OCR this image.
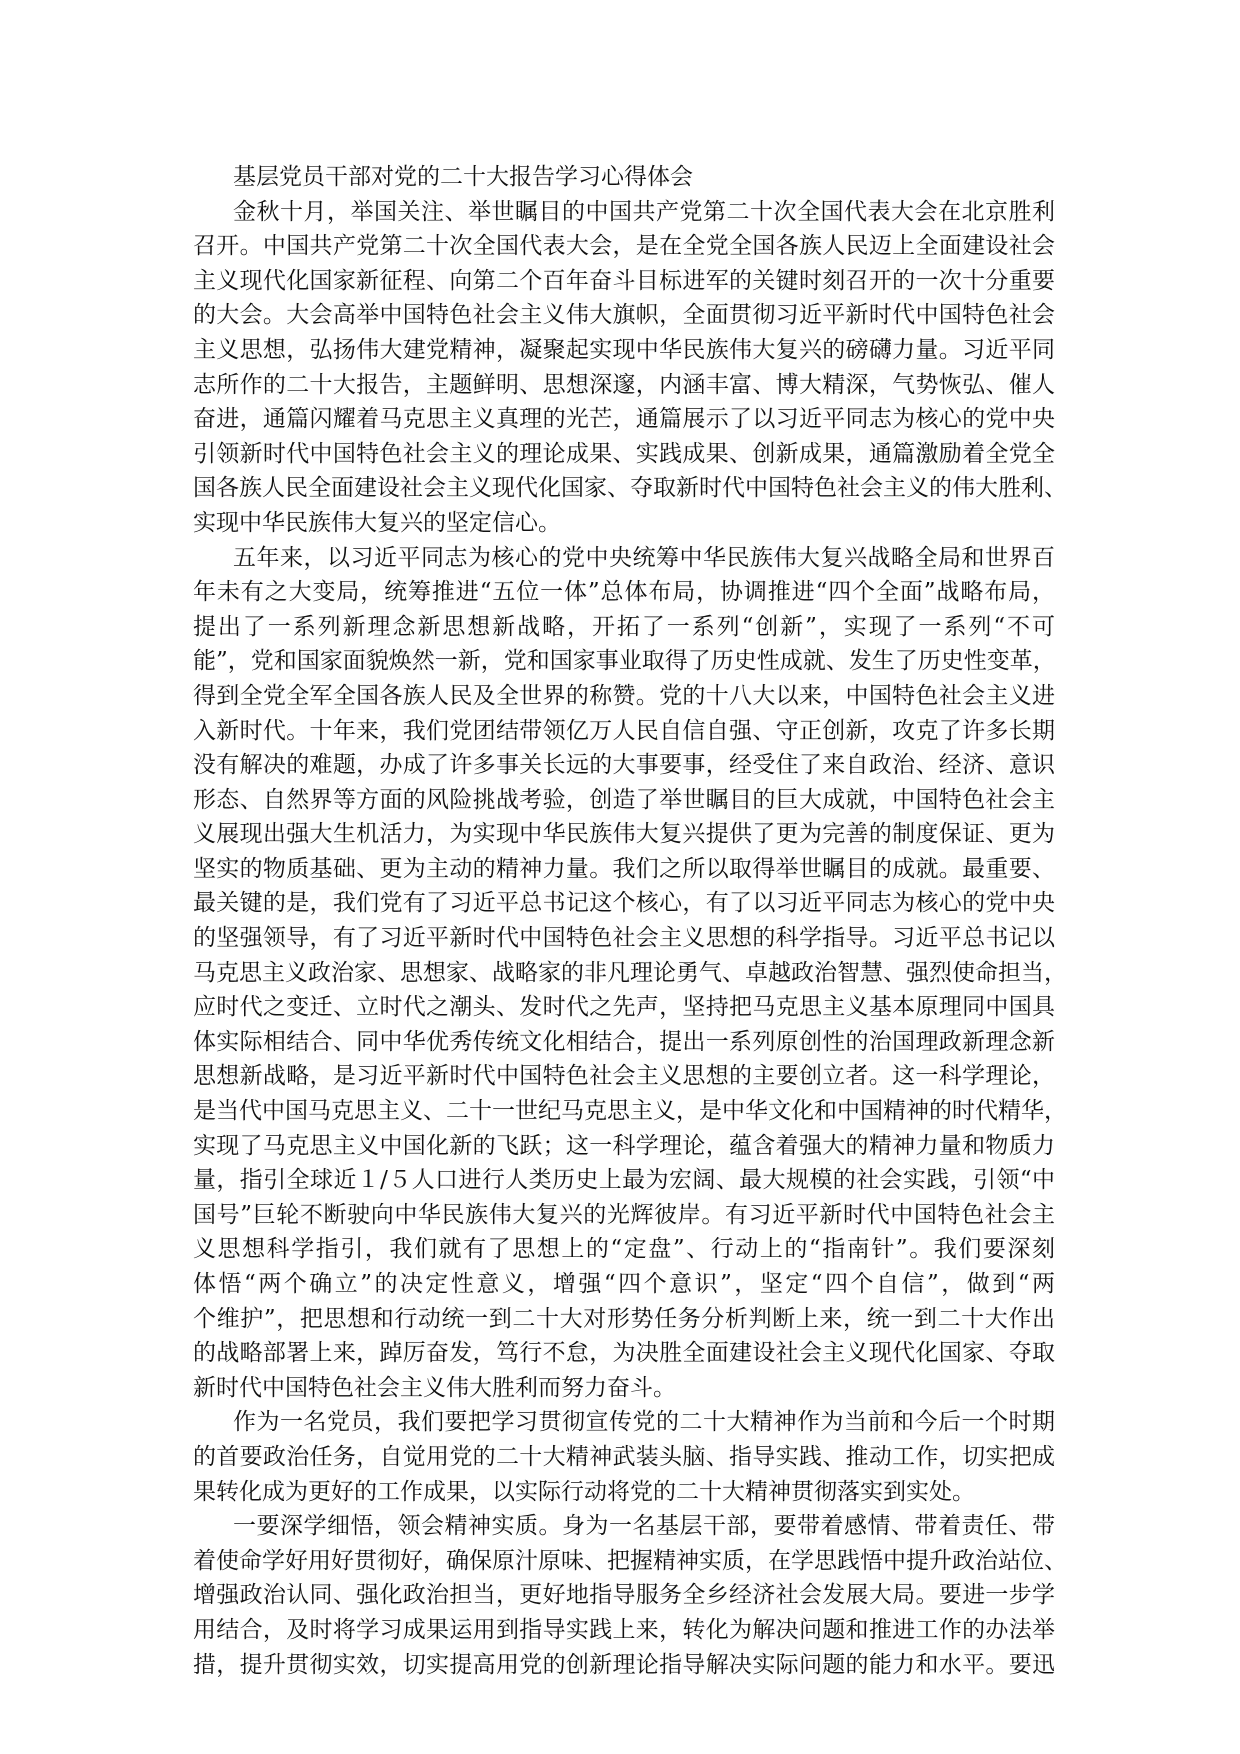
基层党员干部对党的二十大报告学习心得体会
金秋十月，举国关注、举世瞩目的中国共产党第二十次全国代表大会在北京胜利
召开。中国共产党第二十次全国代表大会，是在全党全国各族人民迈上全面建设社会
主义现代化国家新征程、向第二个百年奋斗目标进军的关键时刻召开的一次十分重要
的大会。大会高举中国特色社会主义伟大旗帜，全面贯彻习近平新时代中国特色社会
主义思想，弘扬伟大建党精神，凝聚起实现中华民族伟大复兴的磅礴力量。习近平同
志所作的二十大报告，主题鲜明、思想深邃，内涵丰富、博大精深，气势恢弘、催人
奋进，通篇闪耀着马克思主义真理的光芒，通篇展示了以习近平同志为核心的党中央
引领新时代中国特色社会主义的理论成果、实践成果、创新成果，通篇激励着全党全
国各族人民全面建设社会主义现代化国家、夺取新时代中国特色社会主义的伟大胜利、
实现中华民族伟大复兴的坚定信心。
五年来，以习近平同志为核心的党中央统筹中华民族伟大复兴战略全局和世界百
年未有之大变局，统筹推进“五位一体”总体布局，协调推进“四个全面”战略布局，
提出了一系列新理念新思想新战略，开拓了一系列“创新”，实现了一系列“不可
能”，党和国家面貌焕然一新，党和国家事业取得了历史性成就、发生了历史性变革，
得到全党全军全国各族人民及全世界的称赞。党的十八大以来，中国特色社会主义进
入新时代。十年来，我们党团结带领亿万人民自信自强、守正创新，攻克了许多长期
没有解决的难题，办成了许多事关长远的大事要事，经受住了来自政治、经济、意识
形态、自然界等方面的风险挑战考验，创造了举世瞩目的巨大成就，中国特色社会主
义展现出强大生机活力，为实现中华民族伟大复兴提供了更为完善的制度保证、更为
坚实的物质基础、更为主动的精神力量。我们之所以取得举世瞩目的成就。最重要、
最关键的是，我们党有了习近平总书记这个核心，有了以习近平同志为核心的党中央
的坚强领导，有了习近平新时代中国特色社会主义思想的科学指导。习近平总书记以
马克思主义政治家、思想家、战略家的非凡理论勇气、卓越政治智慧、强烈使命担当，
应时代之变迁、立时代之潮头、发时代之先声，坚持把马克思主义基本原理同中国具
体实际相结合、同中华优秀传统文化相结合，提出一系列原创性的治国理政新理念新
思想新战略，是习近平新时代中国特色社会主义思想的主要创立者。这一科学理论，
是当代中国马克思主义、二十一世纪马克思主义，是中华文化和中国精神的时代精华，
实现了马克思主义中国化新的飞跃；这一科学理论，蕴含着强大的精神力量和物质力
量，指引全球近１/５人口进行人类历史上最为宏阔、最大规模的社会实践，引领“中
国号”巨轮不断驶向中华民族伟大复兴的光辉彼岸。有习近平新时代中国特色社会主
义思想科学指引，我们就有了思想上的“定盘”、行动上的“指南针”。我们要深刻
体悟“两个确立”的决定性意义，增强“四个意识”，坚定“四个自信”，做到“两
个维护”，把思想和行动统一到二十大对形势任务分析判断上来，统一到二十大作出
的战略部署上来，踔厉奋发，笃行不怠，为决胜全面建设社会主义现代化国家、夺取
新时代中国特色社会主义伟大胜利而努力奋斗。
作为一名党员，我们要把学习贯彻宣传党的二十大精神作为当前和今后一个时期
的首要政治任务，自觉用党的二十大精神武装头脑、指导实践、推动工作，切实把成
果转化成为更好的工作成果，以实际行动将党的二十大精神贯彻落实到实处。
一要深学细悟，领会精神实质。身为一名基层干部，要带着感情、带着责任、带
着使命学好用好贯彻好，确保原汁原味、把握精神实质，在学思践悟中提升政治站位、
增强政治认同、强化政治担当，更好地指导服务全乡经济社会发展大局。要进一步学
用结合，及时将学习成果运用到指导实践上来，转化为解决问题和推进工作的办法举
措，提升贯彻实效，切实提高用党的创新理论指导解决实际问题的能力和水平。要迅
